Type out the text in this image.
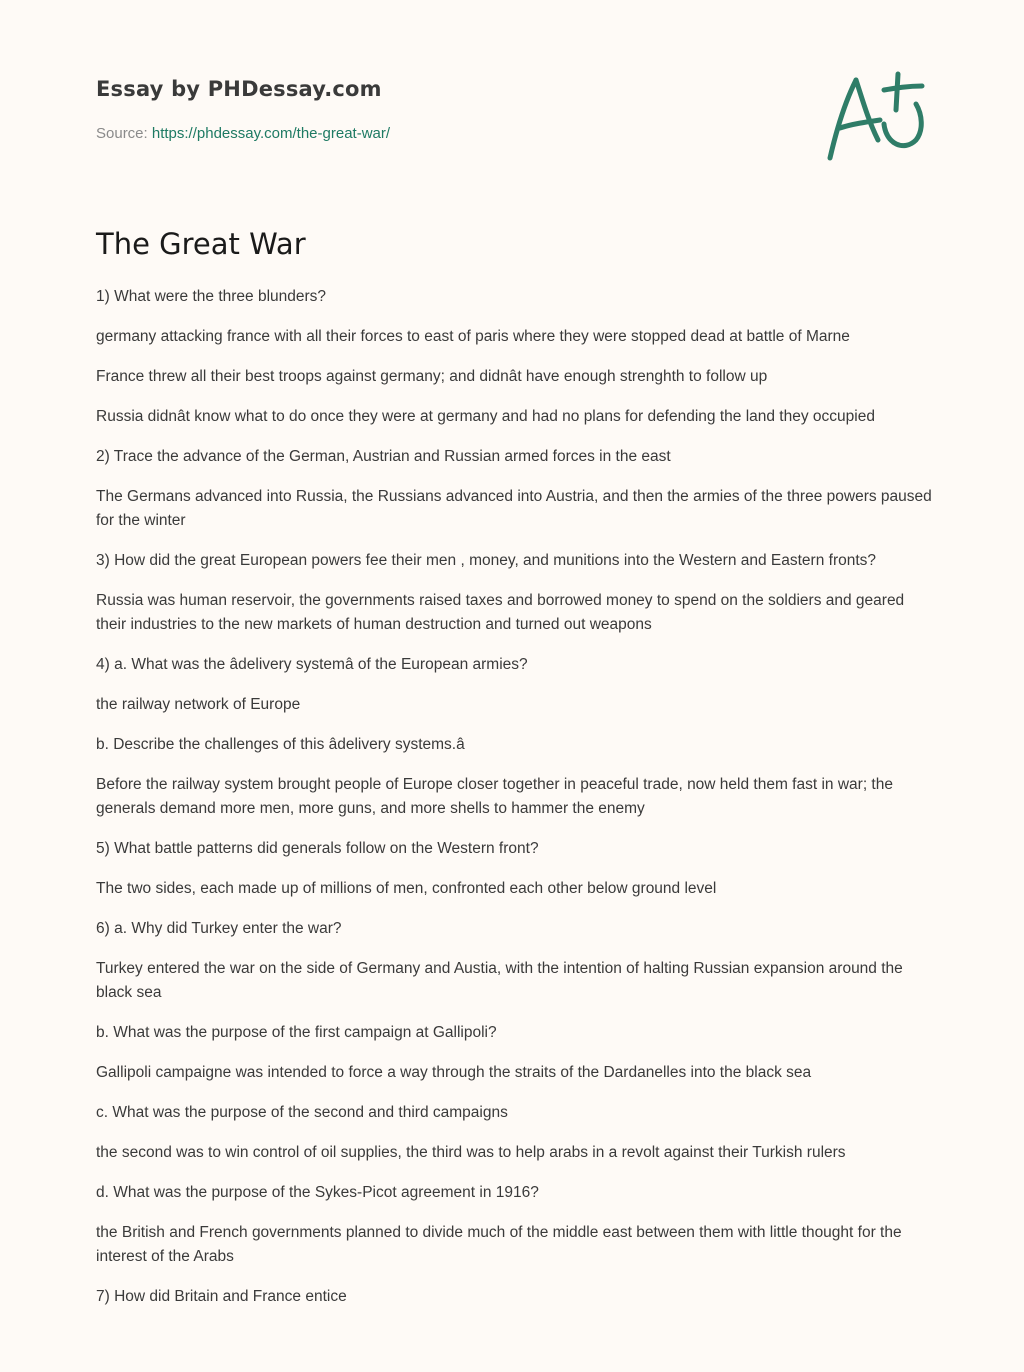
Essay by PHDessay.com
Source: https://phdessay.com/the-great-war/
The Great War

1) What were the three blunders?

germany attacking france with all their forces to east of paris where they were stopped dead at battle of Marne

France threw all their best troops against germany; and didnât have enough strenghth to follow up

Russia didnât know what to do once they were at germany and had no plans for defending the land they occupied

2) Trace the advance of the German, Austrian and Russian armed forces in the east

The Germans advanced into Russia, the Russians advanced into Austria, and then the armies of the three powers paused for the winter

3) How did the great European powers fee their men , money, and munitions into the Western and Eastern fronts?

Russia was human reservoir, the governments raised taxes and borrowed money to spend on the soldiers and geared their industries to the new markets of human destruction and turned out weapons

4) a. What was the âdelivery systemâ of the European armies?

the railway network of Europe

b. Describe the challenges of this âdelivery systems.â

Before the railway system brought people of Europe closer together in peaceful trade, now held them fast in war; the generals demand more men, more guns, and more shells to hammer the enemy

5) What battle patterns did generals follow on the Western front?

The two sides, each made up of millions of men, confronted each other below ground level

6) a. Why did Turkey enter the war?

Turkey entered the war on the side of Germany and Austia, with the intention of halting Russian expansion around the black sea

b. What was the purpose of the first campaign at Gallipoli?

Gallipoli campaigne was intended to force a way through the straits of the Dardanelles into the black sea

c. What was the purpose of the second and third campaigns

the second was to win control of oil supplies, the third was to help arabs in a revolt against their Turkish rulers

d. What was the purpose of the Sykes-Picot agreement in 1916?

the British and French governments planned to divide much of the middle east between them with little thought for the interest of the Arabs

7) How did Britain and France entice
